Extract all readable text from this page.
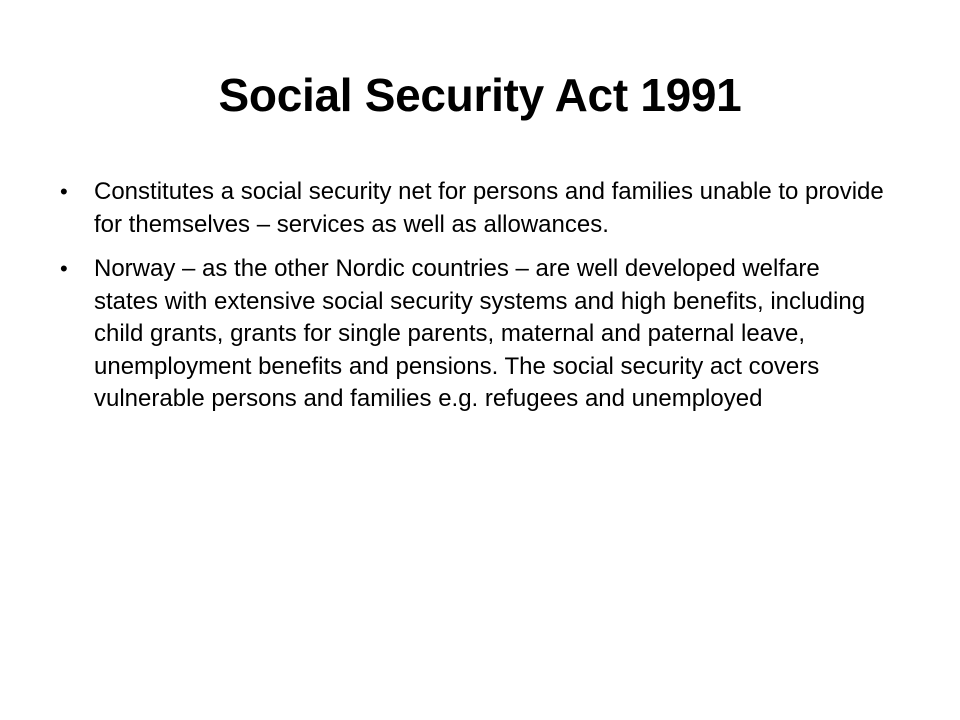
Social Security Act 1991
•	Constitutes a social security net for persons and families unable to provide for themselves – services as well as allowances.
•	Norway – as the other Nordic countries – are well developed welfare states with extensive social security systems and high benefits, including child grants, grants for single parents, maternal and paternal leave, unemployment benefits and pensions. The social security act covers vulnerable persons and families e.g. refugees and unemployed
